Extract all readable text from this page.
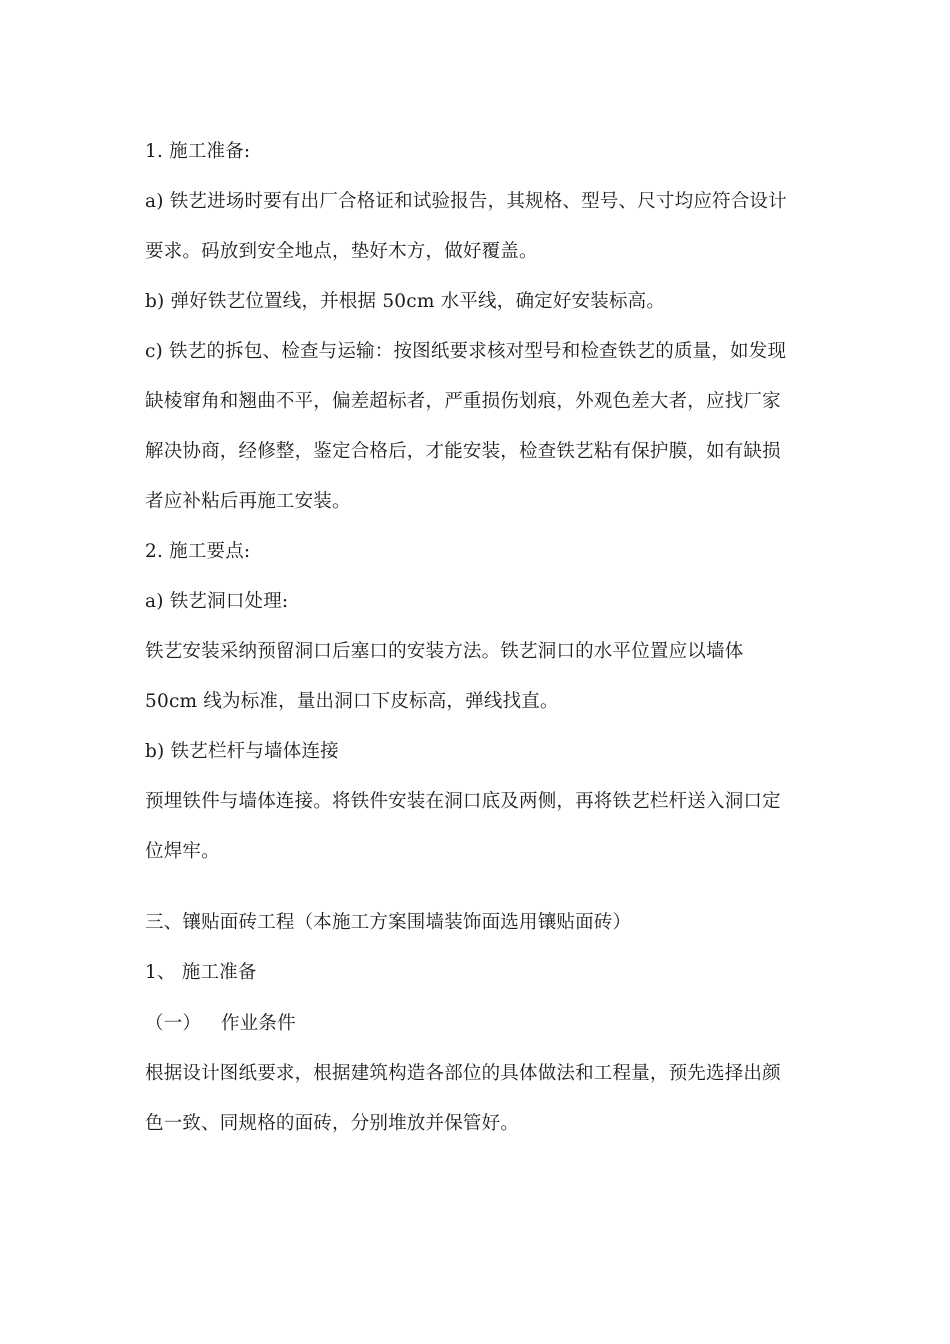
1. 施工准备:
a) 铁艺进场时要有出厂合格证和试验报告，其规格、型号、尺寸均应符合设计
要求。码放到安全地点，垫好木方，做好覆盖。
b) 弹好铁艺位置线，并根据 50cm 水平线，确定好安装标高。
c) 铁艺的拆包、检查与运输：按图纸要求核对型号和检查铁艺的质量，如发现
缺棱窜角和翘曲不平，偏差超标者，严重损伤划痕，外观色差大者，应找厂家
解决协商，经修整，鉴定合格后，才能安装，检查铁艺粘有保护膜，如有缺损
者应补粘后再施工安装。
2. 施工要点:
a) 铁艺洞口处理:
铁艺安装采纳预留洞口后塞口的安装方法。铁艺洞口的水平位置应以墙体
50cm 线为标准，量出洞口下皮标高，弹线找直。
b) 铁艺栏杆与墙体连接
预埋铁件与墙体连接。将铁件安装在洞口底及两侧，再将铁艺栏杆送入洞口定
位焊牢。
三、镶贴面砖工程（本施工方案围墙装饰面选用镶贴面砖）
1、 施工准备
（一） 作业条件
根据设计图纸要求，根据建筑构造各部位的具体做法和工程量，预先选择出颜
色一致、同规格的面砖，分别堆放并保管好。
